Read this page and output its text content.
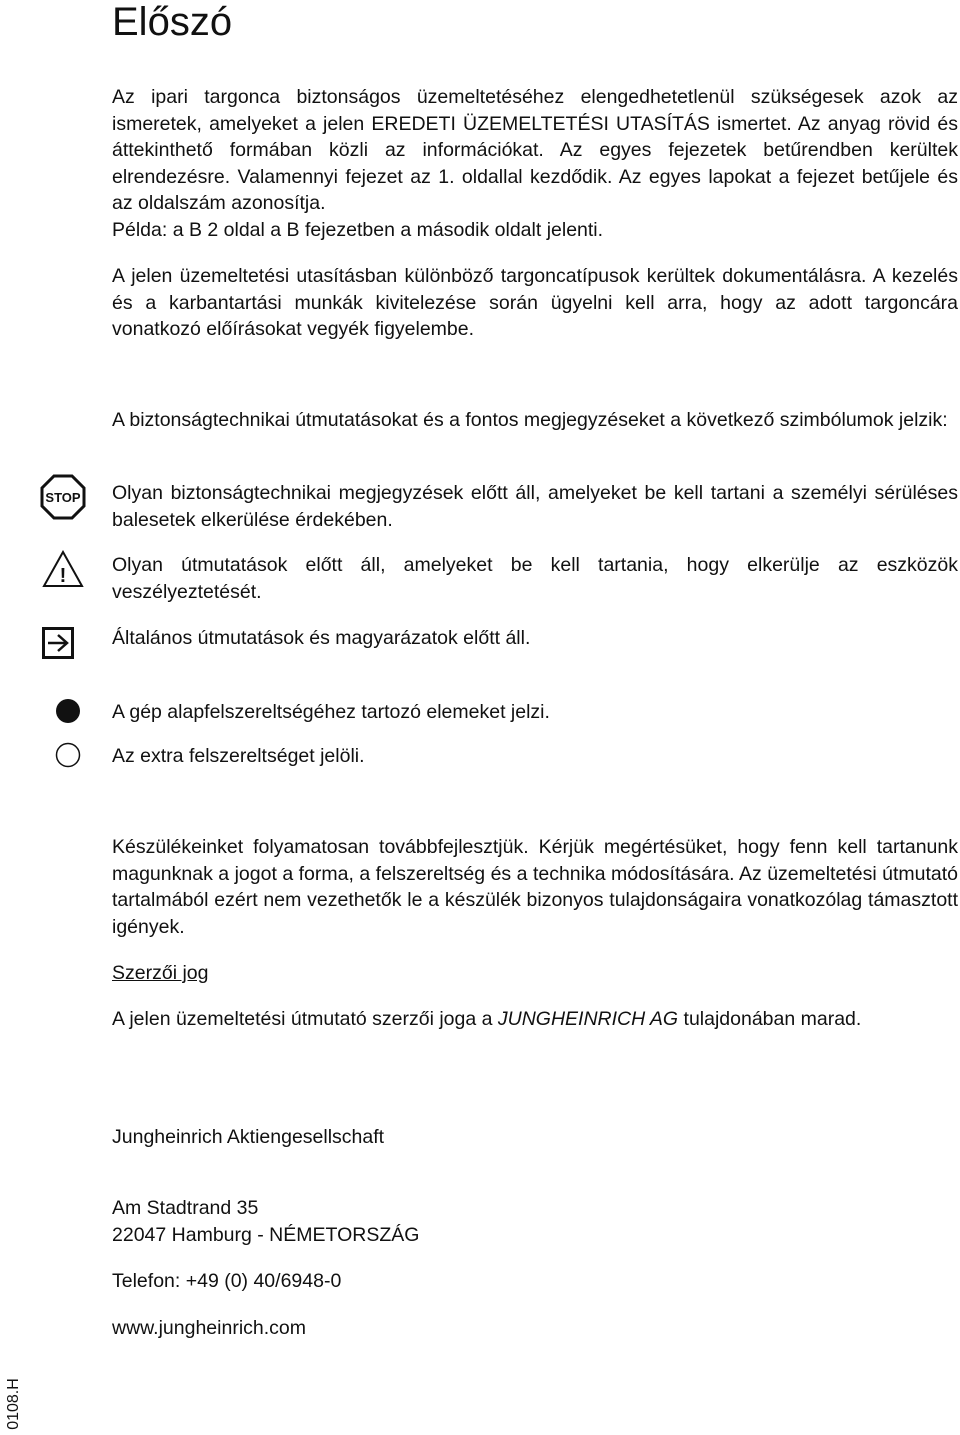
Előszó

Az ipari targonca biztonságos üzemeltetéséhez elengedhetetlenül szükségesek azok az ismeretek, amelyeket a jelen EREDETI ÜZEMELTETÉSI UTASÍTÁS ismertet. Az anyag rövid és áttekinthető formában közli az információkat. Az egyes fejezetek betűrendben kerültek elrendezésre. Valamennyi fejezet az 1. oldallal kezdődik. Az egyes lapokat a fejezet betűjele és az oldalszám azonosítja.
Példa: a B 2 oldal a B fejezetben a második oldalt jelenti.

A jelen üzemeltetési utasításban különböző targoncatípusok kerültek dokumentálásra. A kezelés és a karbantartási munkák kivitelezése során ügyelni kell arra, hogy az adott targoncára vonatkozó előírásokat vegyék figyelembe.

A biztonságtechnikai útmutatásokat és a fontos megjegyzéseket a következő szimbólumok jelzik:

STOP Olyan biztonságtechnikai megjegyzések előtt áll, amelyeket be kell tartani a személyi sérüléses balesetek elkerülése érdekében.

! Olyan útmutatások előtt áll, amelyeket be kell tartania, hogy elkerülje az eszközök veszélyeztetését.

Általános útmutatások és magyarázatok előtt áll.

A gép alapfelszereltségéhez tartozó elemeket jelzi.

Az extra felszereltséget jelöli.

Készülékeinket folyamatosan továbbfejlesztjük. Kérjük megértésüket, hogy fenn kell tartanunk magunknak a jogot a forma, a felszereltség és a technika módosítására. Az üzemeltetési útmutató tartalmából ezért nem vezethetők le a készülék bizonyos tulajdonságaira vonatkozólag támasztott igények.

Szerzői jog

A jelen üzemeltetési útmutató szerzői joga a JUNGHEINRICH AG tulajdonában marad.

Jungheinrich Aktiengesellschaft

Am Stadtrand 35

22047 Hamburg - NÉMETORSZÁG

Telefon: +49 (0) 40/6948-0

www.jungheinrich.com

0108.H
